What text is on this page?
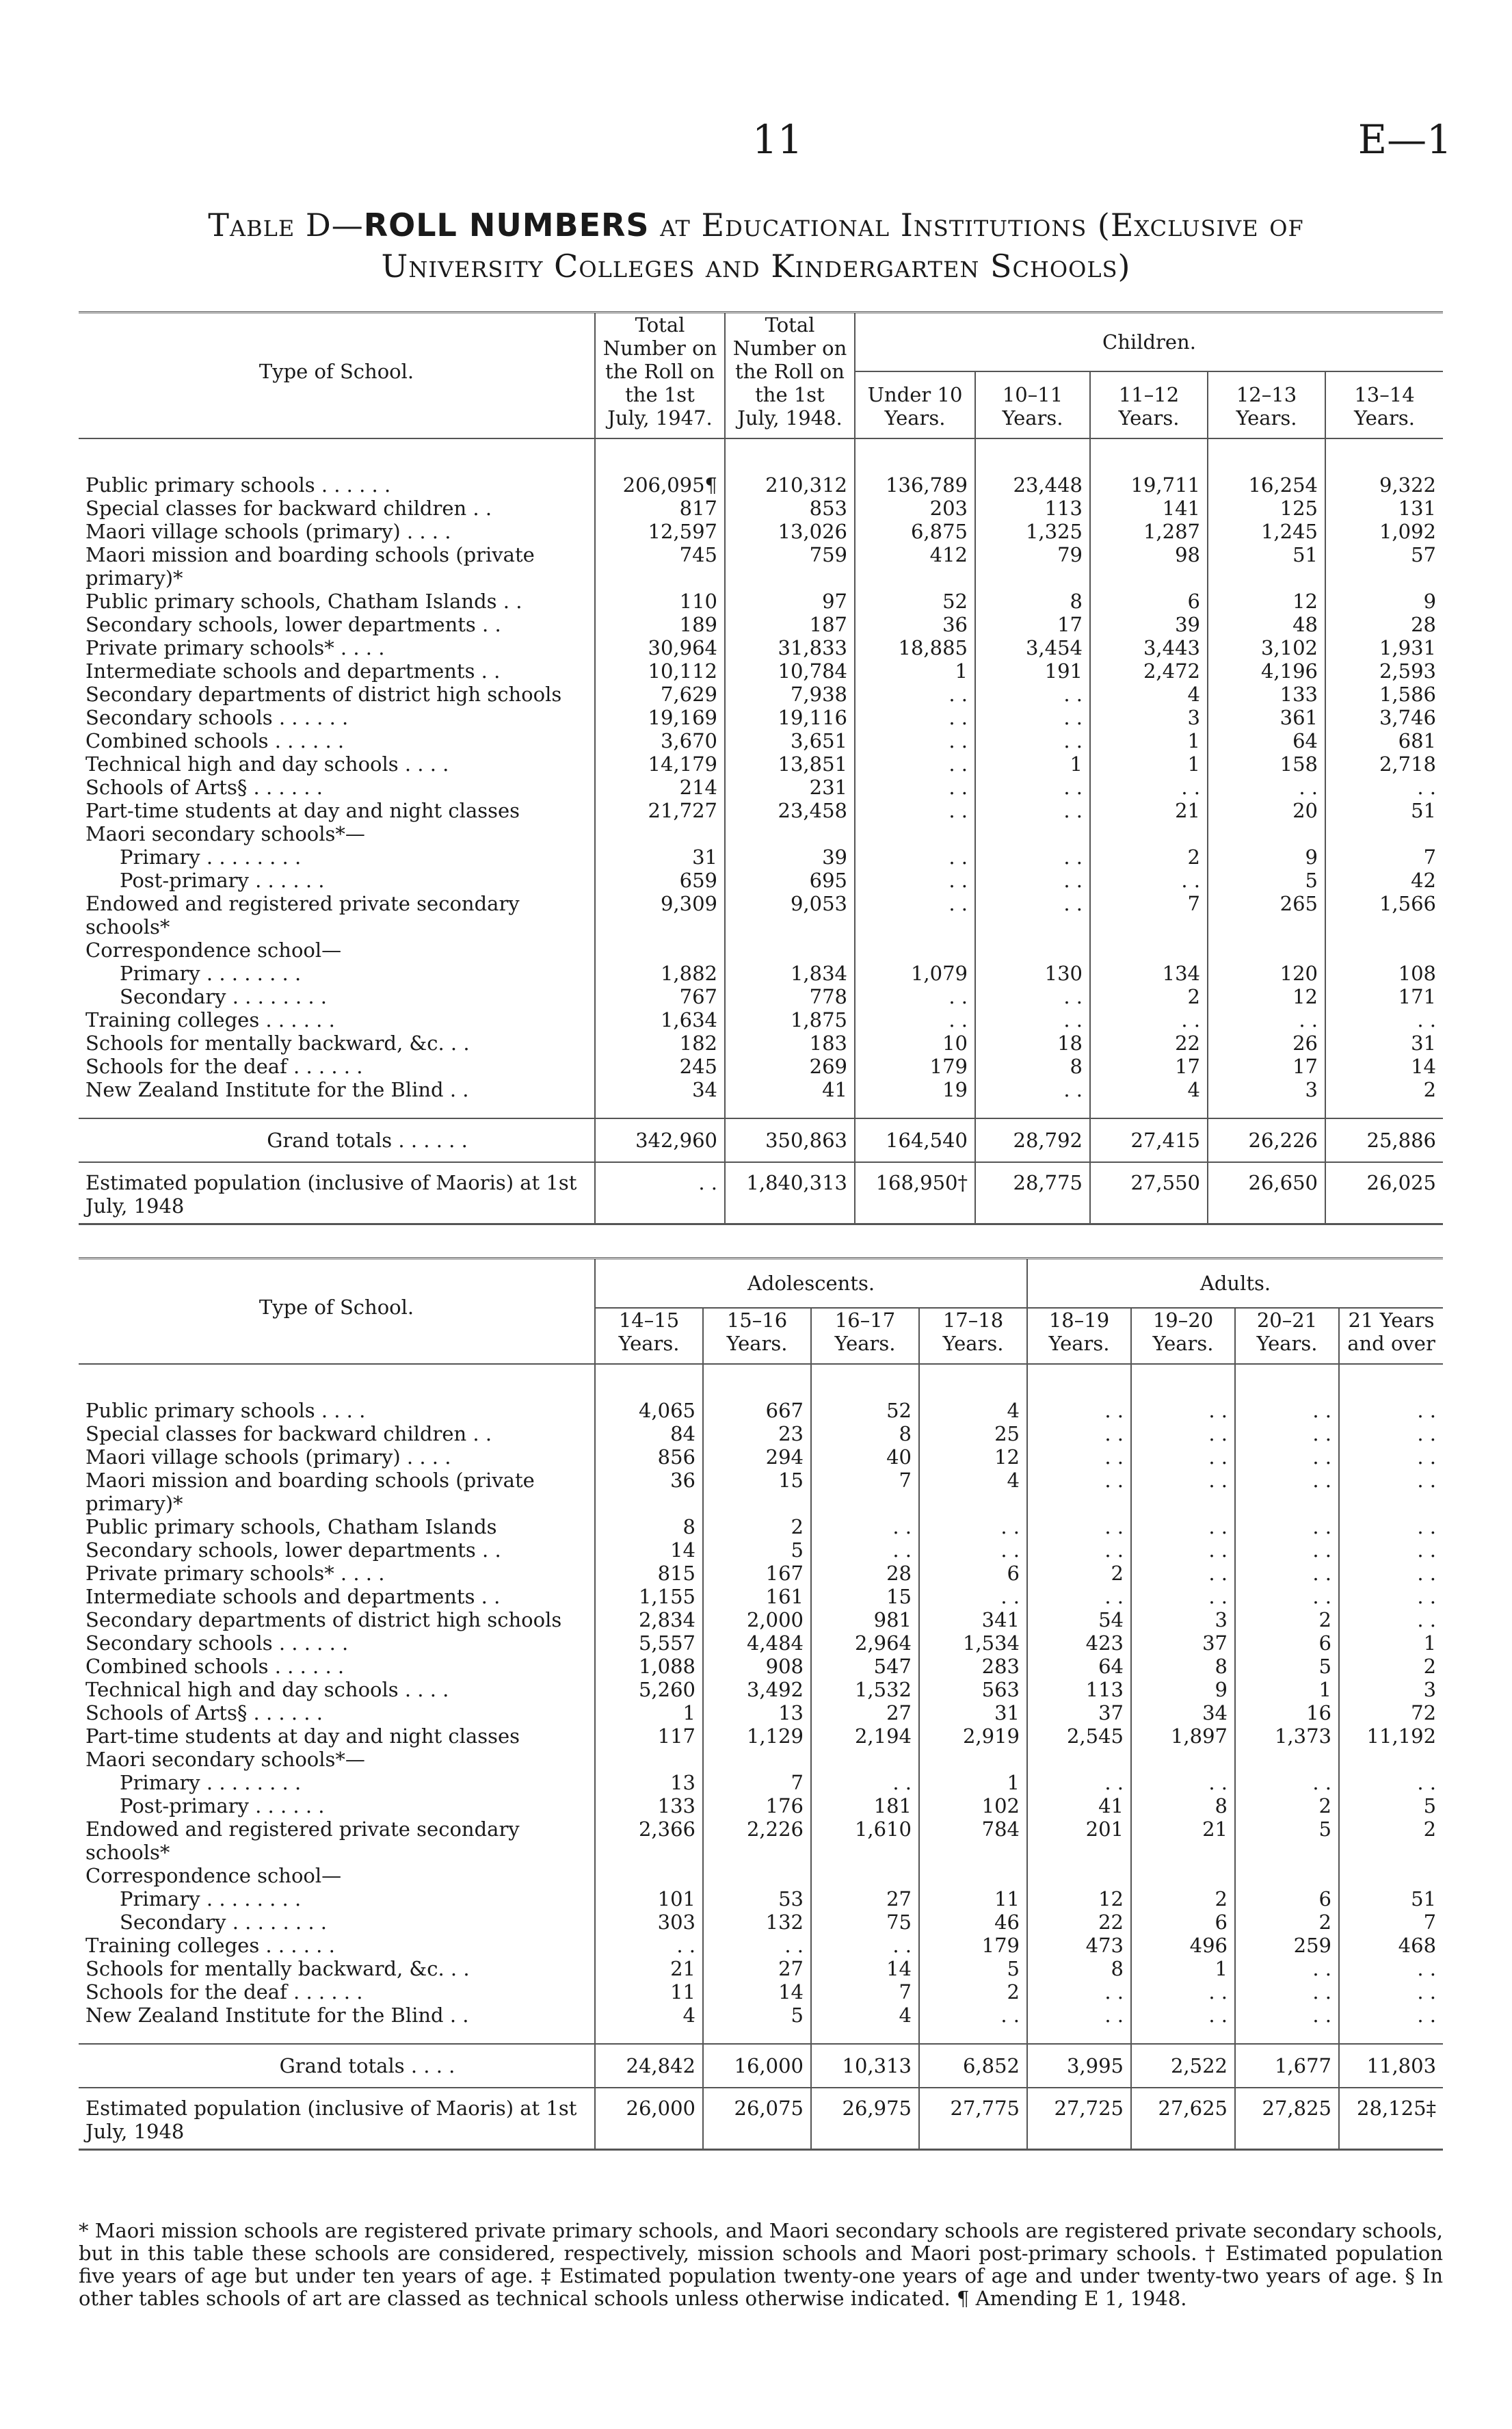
11	E—1
Table D—ROLL NUMBERS at Educational Institutions (Exclusive of
University Colleges and Kindergarten Schools)
Type of School.	Total Number on the Roll on the 1st July, 1947.	Total Number on the Roll on the 1st July, 1948.	Children.				
			Under 10 Years.	10–11 Years.	11–12 Years.	12–13 Years.	13–14 Years.
Public primary schools . . . . . .	206,095¶	210,312	136,789	23,448	19,711	16,254	9,322
Special classes for backward children . .	817	853	203	113	141	125	131
Maori village schools (primary) . . . .	12,597	13,026	6,875	1,325	1,287	1,245	1,092
Maori mission and boarding schools (private primary)*	745	759	412	79	98	51	57
Public primary schools, Chatham Islands . .	110	97	52	8	6	12	9
Secondary schools, lower departments . .	189	187	36	17	39	48	28
Private primary schools* . . . .	30,964	31,833	18,885	3,454	3,443	3,102	1,931
Intermediate schools and departments . .	10,112	10,784	1	191	2,472	4,196	2,593
Secondary departments of district high schools	7,629	7,938	. .	. .	4	133	1,586
Secondary schools . . . . . .	19,169	19,116	. .	. .	3	361	3,746
Combined schools . . . . . .	3,670	3,651	. .	. .	1	64	681
Technical high and day schools . . . .	14,179	13,851	. .	1	1	158	2,718
Schools of Arts§ . . . . . .	214	231	. .	. .	. .	. .	. .
Part-time students at day and night classes	21,727	23,458	. .	. .	21	20	51
Maori secondary schools*—							
Primary . . . . . . . .	31	39	. .	. .	2	9	7
Post-primary . . . . . .	659	695	. .	. .	. .	5	42
Endowed and registered private secondary schools*	9,309	9,053	. .	. .	7	265	1,566
Correspondence school—							
Primary . . . . . . . .	1,882	1,834	1,079	130	134	120	108
Secondary . . . . . . . .	767	778	. .	. .	2	12	171
Training colleges . . . . . .	1,634	1,875	. .	. .	. .	. .	. .
Schools for mentally backward, &c. . .	182	183	10	18	22	26	31
Schools for the deaf . . . . . .	245	269	179	8	17	17	14
New Zealand Institute for the Blind . .	34	41	19	. .	4	3	2
Grand totals . . . . . .	342,960	350,863	164,540	28,792	27,415	26,226	25,886
Estimated population (inclusive of Maoris) at 1st July, 1948	. .	1,840,313	168,950†	28,775	27,550	26,650	26,025
Type of School.	Adolescents.				Adults.			
	14–15 Years.	15–16 Years.	16–17 Years.	17–18 Years.	18–19 Years.	19–20 Years.	20–21 Years.	21 Years and over
Public primary schools . . . .	4,065	667	52	4	. .	. .	. .	. .
Special classes for backward children . .	84	23	8	25	. .	. .	. .	. .
Maori village schools (primary) . . . .	856	294	40	12	. .	. .	. .	. .
Maori mission and boarding schools (private primary)*	36	15	7	4	. .	. .	. .	. .
Public primary schools, Chatham Islands	8	2	. .	. .	. .	. .	. .	. .
Secondary schools, lower departments . .	14	5	. .	. .	. .	. .	. .	. .
Private primary schools* . . . .	815	167	28	6	2	. .	. .	. .
Intermediate schools and departments . .	1,155	161	15	. .	. .	. .	. .	. .
Secondary departments of district high schools	2,834	2,000	981	341	54	3	2	. .
Secondary schools . . . . . .	5,557	4,484	2,964	1,534	423	37	6	1
Combined schools . . . . . .	1,088	908	547	283	64	8	5	2
Technical high and day schools . . . .	5,260	3,492	1,532	563	113	9	1	3
Schools of Arts§ . . . . . .	1	13	27	31	37	34	16	72
Part-time students at day and night classes	117	1,129	2,194	2,919	2,545	1,897	1,373	11,192
Maori secondary schools*—								
Primary . . . . . . . .	13	7	. .	1	. .	. .	. .	. .
Post-primary . . . . . .	133	176	181	102	41	8	2	5
Endowed and registered private secondary schools*	2,366	2,226	1,610	784	201	21	5	2
Correspondence school—								
Primary . . . . . . . .	101	53	27	11	12	2	6	51
Secondary . . . . . . . .	303	132	75	46	22	6	2	7
Training colleges . . . . . .	. .	. .	. .	179	473	496	259	468
Schools for mentally backward, &c. . .	21	27	14	5	8	1	. .	. .
Schools for the deaf . . . . . .	11	14	7	2	. .	. .	. .	. .
New Zealand Institute for the Blind . .	4	5	4	. .	. .	. .	. .	. .
Grand totals . . . .	24,842	16,000	10,313	6,852	3,995	2,522	1,677	11,803
Estimated population (inclusive of Maoris) at 1st July, 1948	26,000	26,075	26,975	27,775	27,725	27,625	27,825	28,125‡
* Maori mission schools are registered private primary schools, and Maori secondary schools are registered private secondary schools, but in this table these schools are considered, respectively, mission schools and Maori post-primary schools. † Estimated population five years of age but under ten years of age. ‡ Estimated population twenty-one years of age and under twenty-two years of age. § In other tables schools of art are classed as technical schools unless otherwise indicated. ¶ Amending E 1, 1948.
